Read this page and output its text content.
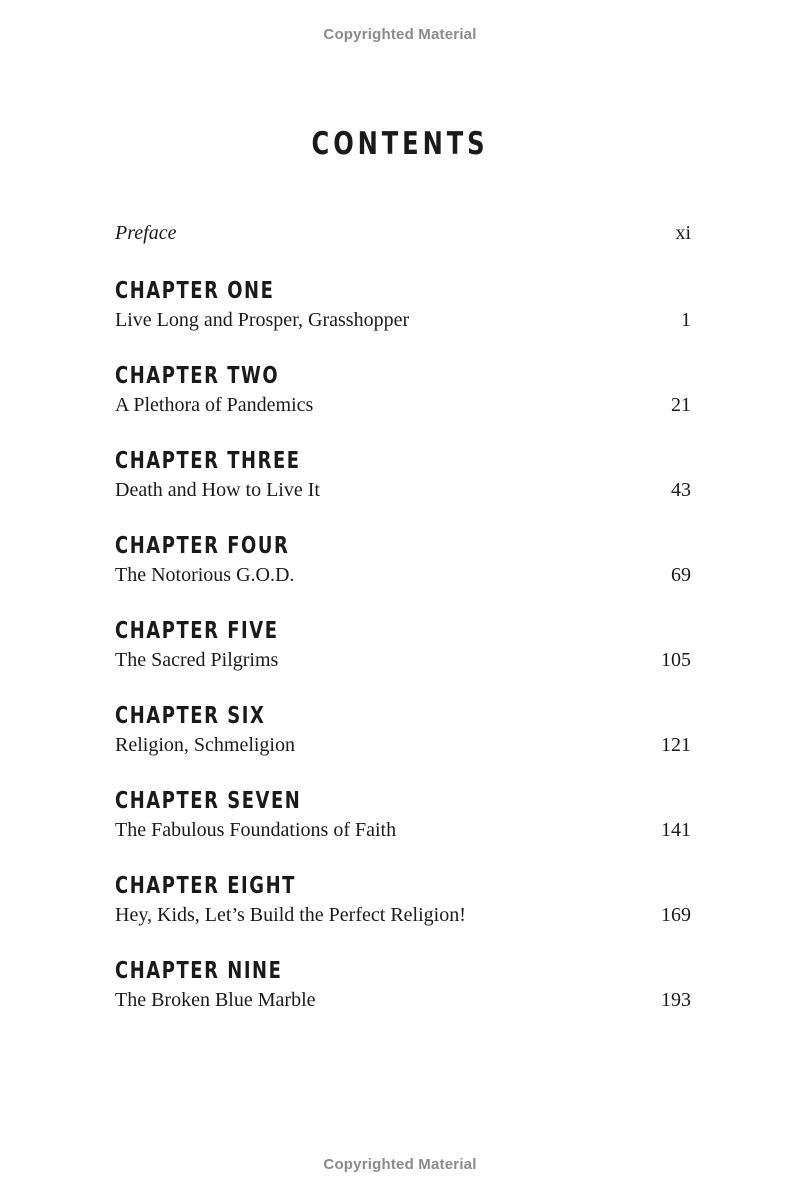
Copyrighted Material
CONTENTS
Preface	xi
CHAPTER ONE
Live Long and Prosper, Grasshopper	1
CHAPTER TWO
A Plethora of Pandemics	21
CHAPTER THREE
Death and How to Live It	43
CHAPTER FOUR
The Notorious G.O.D.	69
CHAPTER FIVE
The Sacred Pilgrims	105
CHAPTER SIX
Religion, Schmeligion	121
CHAPTER SEVEN
The Fabulous Foundations of Faith	141
CHAPTER EIGHT
Hey, Kids, Let’s Build the Perfect Religion!	169
CHAPTER NINE
The Broken Blue Marble	193
Copyrighted Material
